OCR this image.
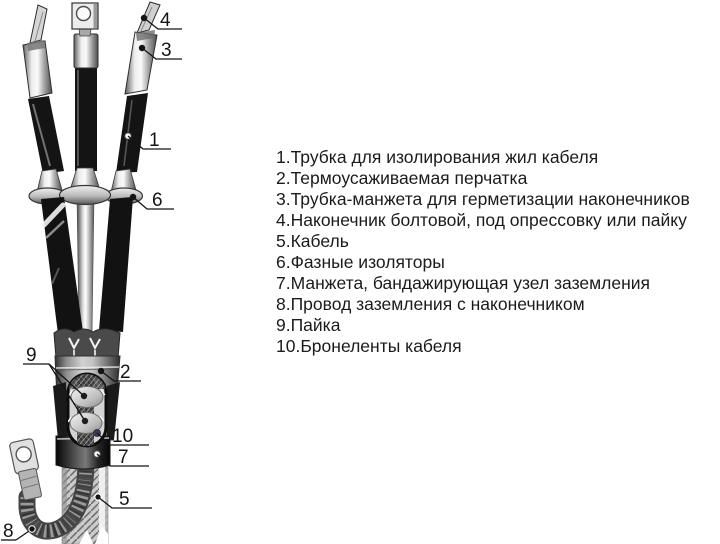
4
3
1
6
9
2
10
7
5
8
1.Трубка для изолирования жил кабеля
2.Термоусаживаемая перчатка
3.Трубка-манжета для герметизации наконечников
4.Наконечник болтовой, под опрессовку или пайку
5.Кабель
6.Фазные изоляторы
7.Манжета, бандажирующая узел заземления
8.Провод заземления с наконечником
9.Пайка
10.Бронеленты кабеля
